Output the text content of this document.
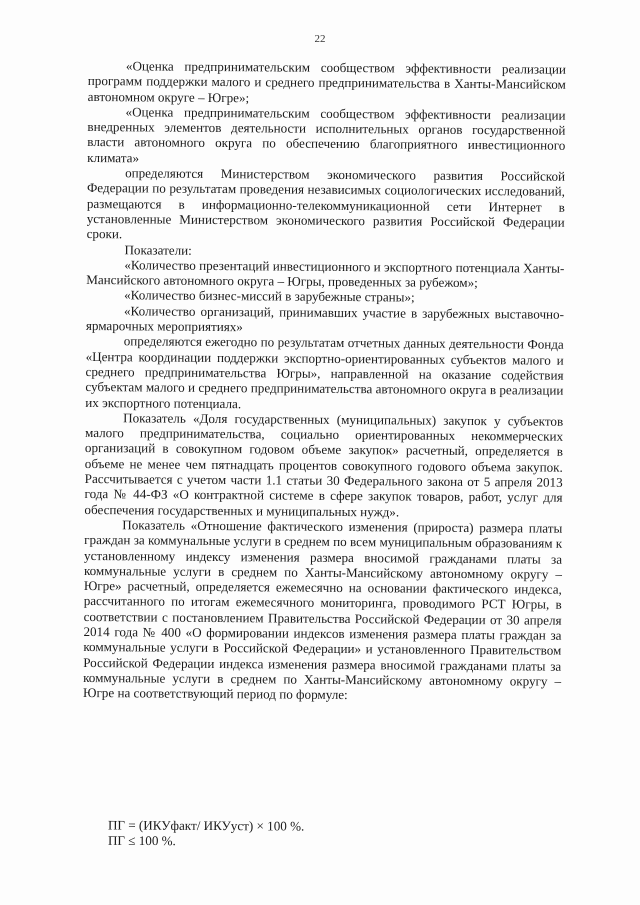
22

«Оценка предпринимательским сообществом эффективности реализации программ поддержки малого и среднего предпринимательства в Ханты-Мансийском автономном округе – Югре»;

«Оценка предпринимательским сообществом эффективности реализации внедренных элементов деятельности исполнительных органов государственной власти автономного округа по обеспечению благоприятного инвестиционного климата»

определяются Министерством экономического развития Российской Федерации по результатам проведения независимых социологических исследований, размещаются в информационно-телекоммуникационной сети Интернет в установленные Министерством экономического развития Российской Федерации сроки.

Показатели:

«Количество презентаций инвестиционного и экспортного потенциала Ханты-Мансийского автономного округа – Югры, проведенных за рубежом»;

«Количество бизнес-миссий в зарубежные страны»;

«Количество организаций, принимавших участие в зарубежных выставочно-ярмарочных мероприятиях»

определяются ежегодно по результатам отчетных данных деятельности Фонда «Центра координации поддержки экспортно-ориентированных субъектов малого и среднего предпринимательства Югры», направленной на оказание содействия субъектам малого и среднего предпринимательства автономного округа в реализации их экспортного потенциала.

Показатель «Доля государственных (муниципальных) закупок у субъектов малого предпринимательства, социально ориентированных некоммерческих организаций в совокупном годовом объеме закупок» расчетный, определяется в объеме не менее чем пятнадцать процентов совокупного годового объема закупок. Рассчитывается с учетом части 1.1 статьи 30 Федерального закона от 5 апреля 2013 года № 44-ФЗ «О контрактной системе в сфере закупок товаров, работ, услуг для обеспечения государственных и муниципальных нужд».

Показатель «Отношение фактического изменения (прироста) размера платы граждан за коммунальные услуги в среднем по всем муниципальным образованиям к установленному индексу изменения размера вносимой гражданами платы за коммунальные услуги в среднем по Ханты-Мансийскому автономному округу – Югре» расчетный, определяется ежемесячно на основании фактического индекса, рассчитанного по итогам ежемесячного мониторинга, проводимого РСТ Югры, в соответствии с постановлением Правительства Российской Федерации от 30 апреля 2014 года № 400 «О формировании индексов изменения размера платы граждан за коммунальные услуги в Российской Федерации» и установленного Правительством Российской Федерации индекса изменения размера вносимой гражданами платы за коммунальные услуги в среднем по Ханты-Мансийскому автономному округу – Югре на соответствующий период по формуле:

ПГ = (ИКУфакт/ ИКУуст) × 100 %.
ПГ ≤ 100 %.
